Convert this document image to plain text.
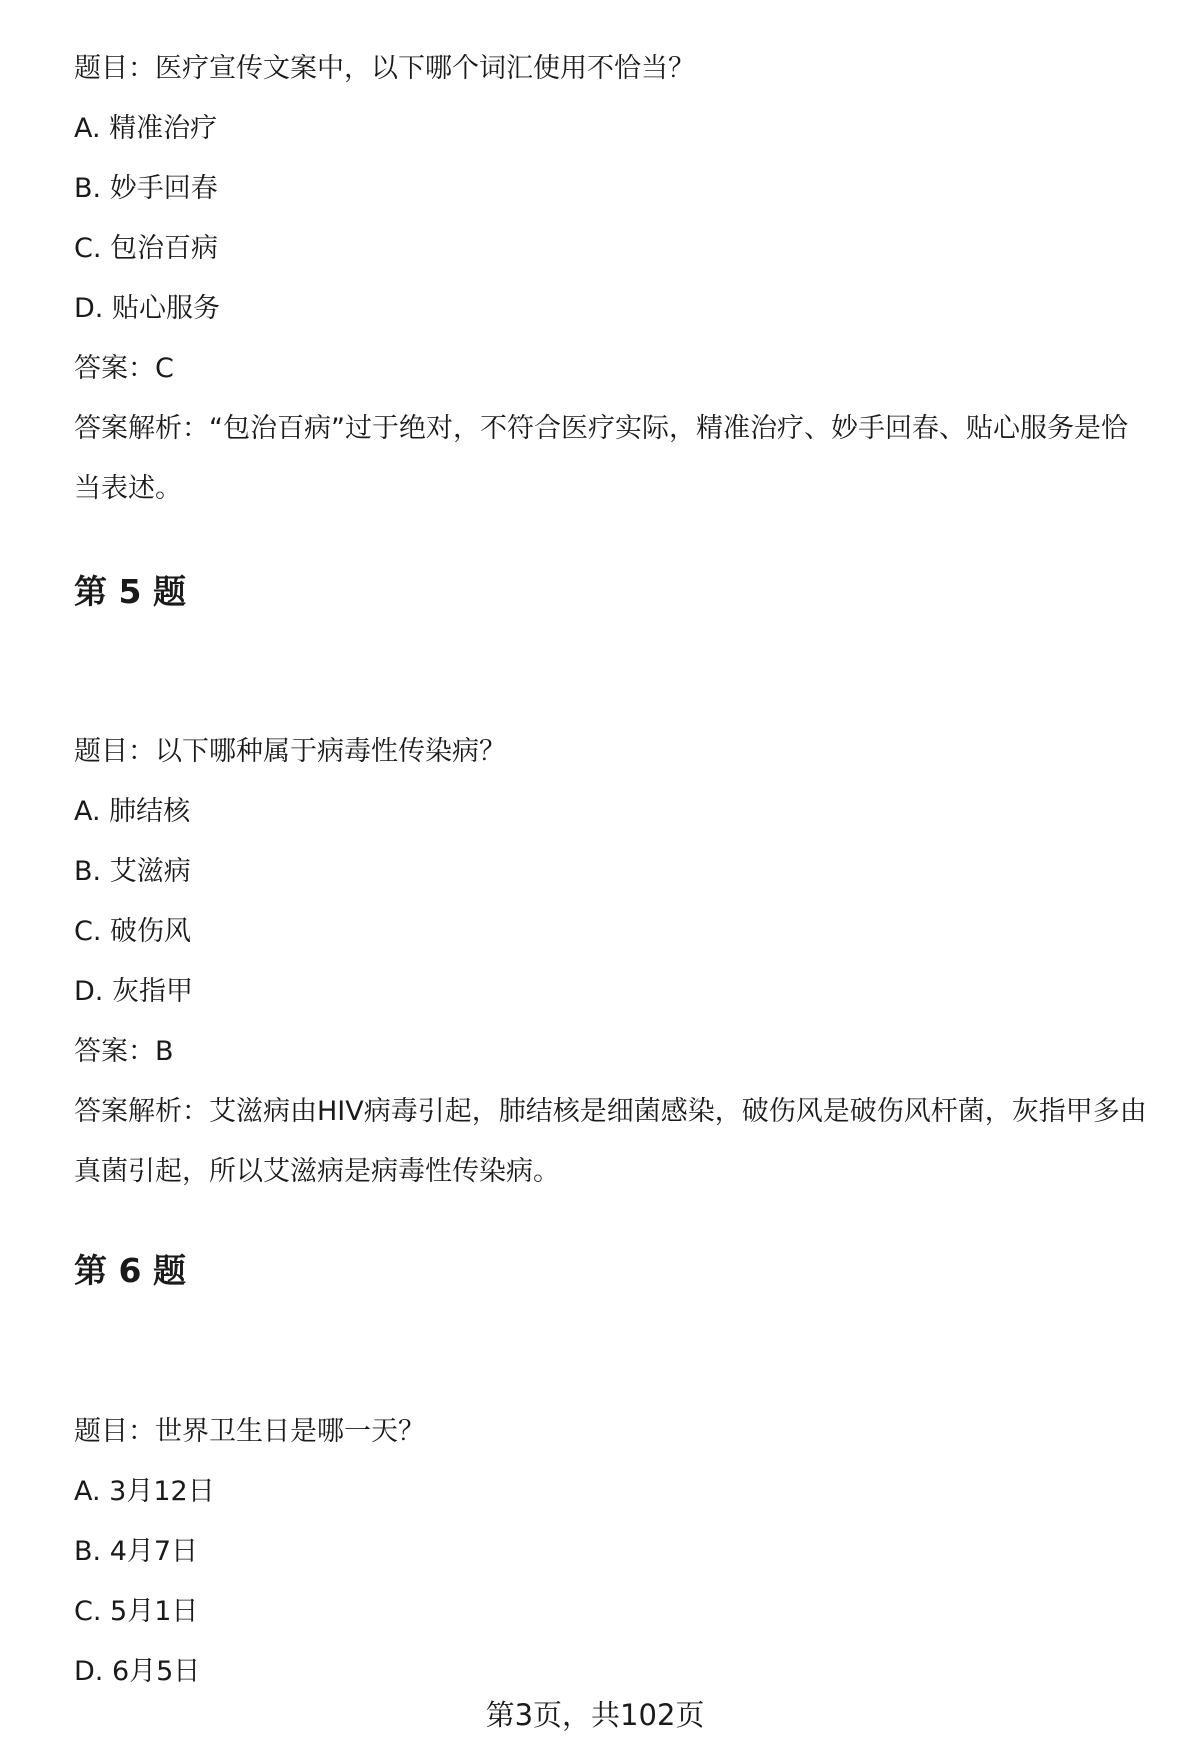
题目：医疗宣传文案中，以下哪个词汇使用不恰当？
A. 精准治疗
B. 妙手回春
C. 包治百病
D. 贴心服务
答案：C
答案解析：“包治百病”过于绝对，不符合医疗实际，精准治疗、妙手回春、贴心服务是恰当表述。
第 5 题
题目：以下哪种属于病毒性传染病？
A. 肺结核
B. 艾滋病
C. 破伤风
D. 灰指甲
答案：B
答案解析：艾滋病由HIV病毒引起，肺结核是细菌感染，破伤风是破伤风杆菌，灰指甲多由真菌引起，所以艾滋病是病毒性传染病。
第 6 题
题目：世界卫生日是哪一天？
A. 3月12日
B. 4月7日
C. 5月1日
D. 6月5日
第3页，共102页
